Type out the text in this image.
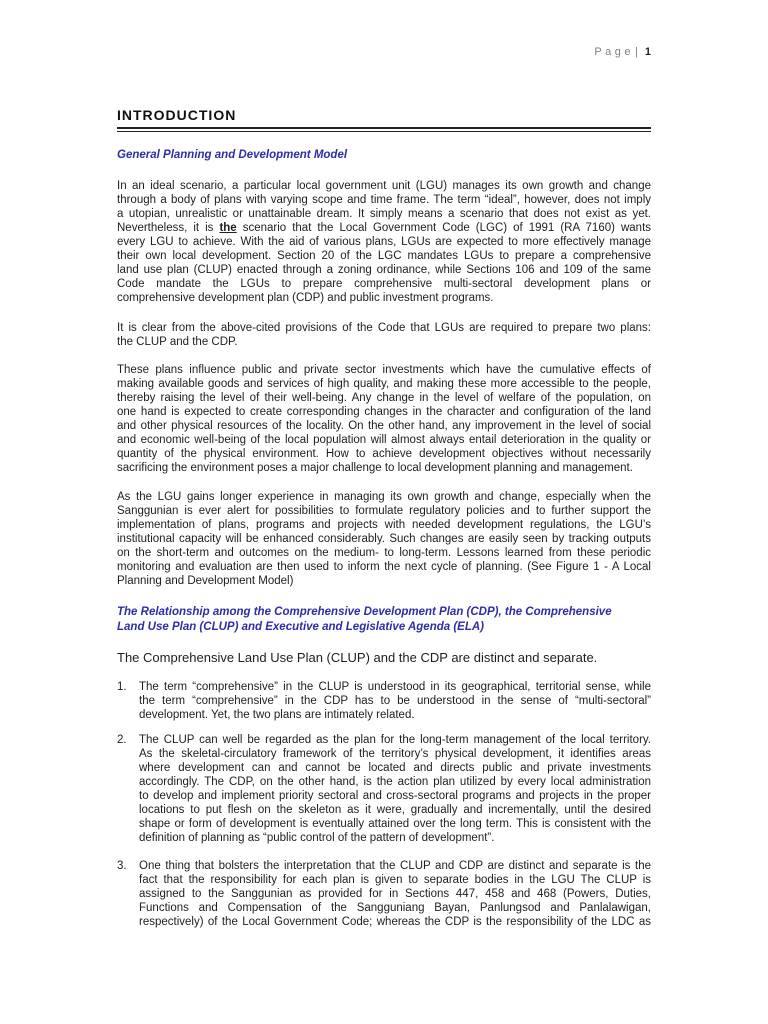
Page| 1
INTRODUCTION
General Planning and Development Model
In an ideal scenario, a particular local government unit (LGU) manages its own growth and change
through a body of plans with varying scope and time frame. The term “ideal”, however, does not imply
a utopian, unrealistic or unattainable dream. It simply means a scenario that does not exist as yet.
Nevertheless, it is the scenario that the Local Government Code (LGC) of 1991 (RA 7160) wants
every LGU to achieve. With the aid of various plans, LGUs are expected to more effectively manage
their own local development. Section 20 of the LGC mandates LGUs to prepare a comprehensive
land use plan (CLUP) enacted through a zoning ordinance, while Sections 106 and 109 of the same
Code mandate the LGUs to prepare comprehensive multi-sectoral development plans or
comprehensive development plan (CDP) and public investment programs.
It is clear from the above-cited provisions of the Code that LGUs are required to prepare two plans:
the CLUP and the CDP.
These plans influence public and private sector investments which have the cumulative effects of
making available goods and services of high quality, and making these more accessible to the people,
thereby raising the level of their well-being. Any change in the level of welfare of the population, on
one hand is expected to create corresponding changes in the character and configuration of the land
and other physical resources of the locality. On the other hand, any improvement in the level of social
and economic well-being of the local population will almost always entail deterioration in the quality or
quantity of the physical environment. How to achieve development objectives without necessarily
sacrificing the environment poses a major challenge to local development planning and management.
As the LGU gains longer experience in managing its own growth and change, especially when the
Sanggunian is ever alert for possibilities to formulate regulatory policies and to further support the
implementation of plans, programs and projects with needed development regulations, the LGU’s
institutional capacity will be enhanced considerably. Such changes are easily seen by tracking outputs
on the short-term and outcomes on the medium- to long-term. Lessons learned from these periodic
monitoring and evaluation are then used to inform the next cycle of planning. (See Figure 1 - A Local
Planning and Development Model)
The Relationship among the Comprehensive Development Plan (CDP), the Comprehensive
Land Use Plan (CLUP) and Executive and Legislative Agenda (ELA)
The Comprehensive Land Use Plan (CLUP) and the CDP are distinct and separate.
1. The term “comprehensive” in the CLUP is understood in its geographical, territorial sense, while
the term “comprehensive” in the CDP has to be understood in the sense of “multi-sectoral”
development. Yet, the two plans are intimately related.
2. The CLUP can well be regarded as the plan for the long-term management of the local territory.
As the skeletal-circulatory framework of the territory’s physical development, it identifies areas
where development can and cannot be located and directs public and private investments
accordingly. The CDP, on the other hand, is the action plan utilized by every local administration
to develop and implement priority sectoral and cross-sectoral programs and projects in the proper
locations to put flesh on the skeleton as it were, gradually and incrementally, until the desired
shape or form of development is eventually attained over the long term. This is consistent with the
definition of planning as “public control of the pattern of development”.
3. One thing that bolsters the interpretation that the CLUP and CDP are distinct and separate is the
fact that the responsibility for each plan is given to separate bodies in the LGU The CLUP is
assigned to the Sanggunian as provided for in Sections 447, 458 and 468 (Powers, Duties,
Functions and Compensation of the Sangguniang Bayan, Panlungsod and Panlalawigan,
respectively) of the Local Government Code; whereas the CDP is the responsibility of the LDC as
